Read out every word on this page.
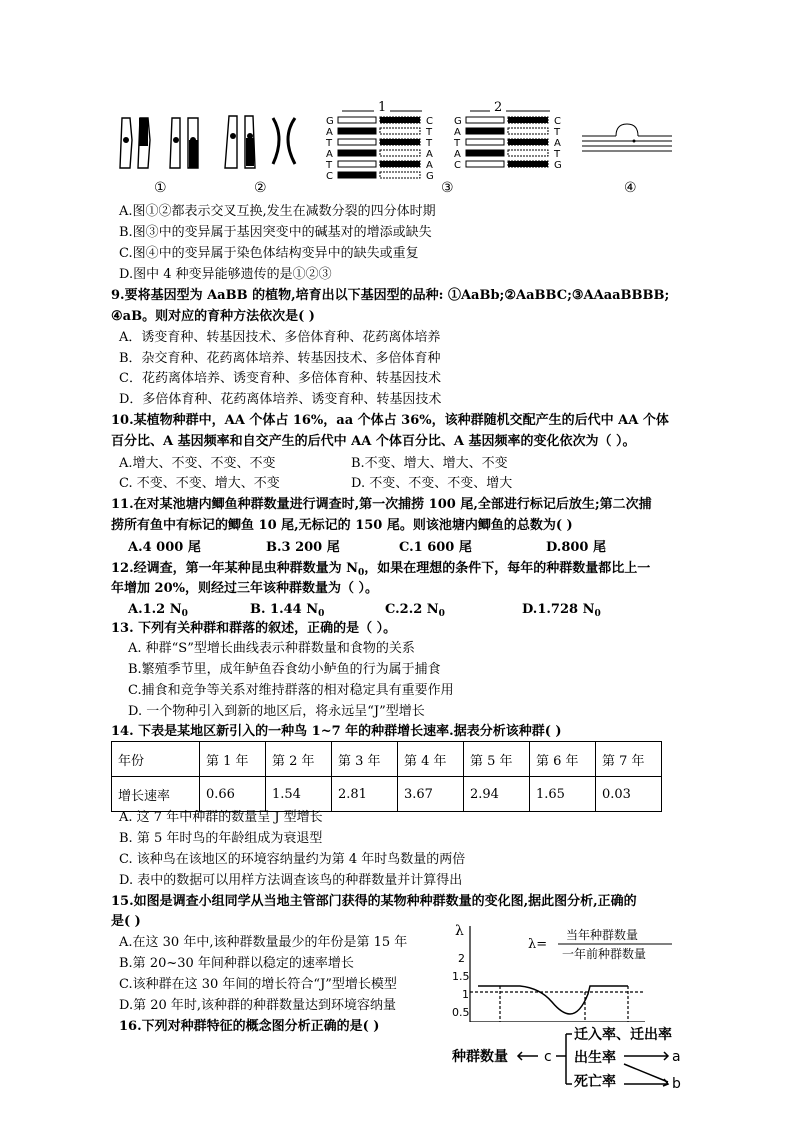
1
G	C
A	T
T	T
A	A
T	A
C	G
2
G	C
A	T
T	A
A	T
C	G
①	②	③	④
A.图①②都表示交叉互换,发生在减数分裂的四分体时期
B.图③中的变异属于基因突变中的碱基对的增添或缺失
C.图④中的变异属于染色体结构变异中的缺失或重复
D.图中 4 种变异能够遗传的是①②③
9.要将基因型为 AaBB 的植物,培育出以下基因型的品种: ①AaBb;②AaBBC;③AAaaBBBB;
④aB。则对应的育种方法依次是( )
A．诱变育种、转基因技术、多倍体育种、花药离体培养
B．杂交育种、花药离体培养、转基因技术、多倍体育种
C．花药离体培养、诱变育种、多倍体育种、转基因技术
D．多倍体育种、花药离体培养、诱变育种、转基因技术
10.某植物种群中，AA 个体占 16%，aa 个体占 36%，该种群随机交配产生的后代中 AA 个体
百分比、A 基因频率和自交产生的后代中 AA 个体百分比、A 基因频率的变化依次为（ ）。
A.增大、不变、不变、不变	B.不变、增大、增大、不变
C. 不变、不变、增大、不变	D. 不变、不变、不变、增大
11.在对某池塘内鲫鱼种群数量进行调查时,第一次捕捞 100 尾,全部进行标记后放生;第二次捕
捞所有鱼中有标记的鲫鱼 10 尾,无标记的 150 尾。则该池塘内鲫鱼的总数为( )
A.4 000 尾	B.3 200 尾	C.1 600 尾	D.800 尾
12.经调查，第一年某种昆虫种群数量为 $N_0$，如果在理想的条件下，每年的种群数量都比上一
年增加 20%，则经过三年该种群数量为（ ）。
A.1.2 $N_0$	B. 1.44 $N_0$	C.2.2 $N_0$	D.1.728 $N_0$
13. 下列有关种群和群落的叙述，正确的是（ ）。
A. 种群“S”型增长曲线表示种群数量和食物的关系
B.繁殖季节里，成年鲈鱼吞食幼小鲈鱼的行为属于捕食
C.捕食和竞争等关系对维持群落的相对稳定具有重要作用
D. 一个物种引入到新的地区后，将永远呈“J”型增长
14. 下表是某地区新引入的一种鸟 1~7 年的种群增长速率.据表分析该种群( )
年份	第 1 年	第 2 年	第 3 年	第 4 年	第 5 年	第 6 年	第 7 年
增长速率	0.66	1.54	2.81	3.67	2.94	1.65	0.03
A. 这 7 年中种群的数量呈 J 型增长
B. 第 5 年时鸟的年龄组成为衰退型
C. 该种鸟在该地区的环境容纳量约为第 4 年时鸟数量的两倍
D. 表中的数据可以用样方法调查该鸟的种群数量并计算得出
15.如图是调查小组同学从当地主管部门获得的某物种种群数量的变化图,据此图分析,正确的
是( )
A.在这 30 年中,该种群数量最少的年份是第 15 年
B.第 20~30 年间种群以稳定的速率增长
C.该种群在这 30 年间的增长符合“J”型增长模型
D.第 20 年时,该种群的种群数量达到环境容纳量
λ
2
1.5
1
0.5
λ=
当年种群数量
一年前种群数量
16.下列对种群特征的概念图分析正确的是( )
种群数量	c
迁入率、迁出率
出生率
死亡率
a
b
